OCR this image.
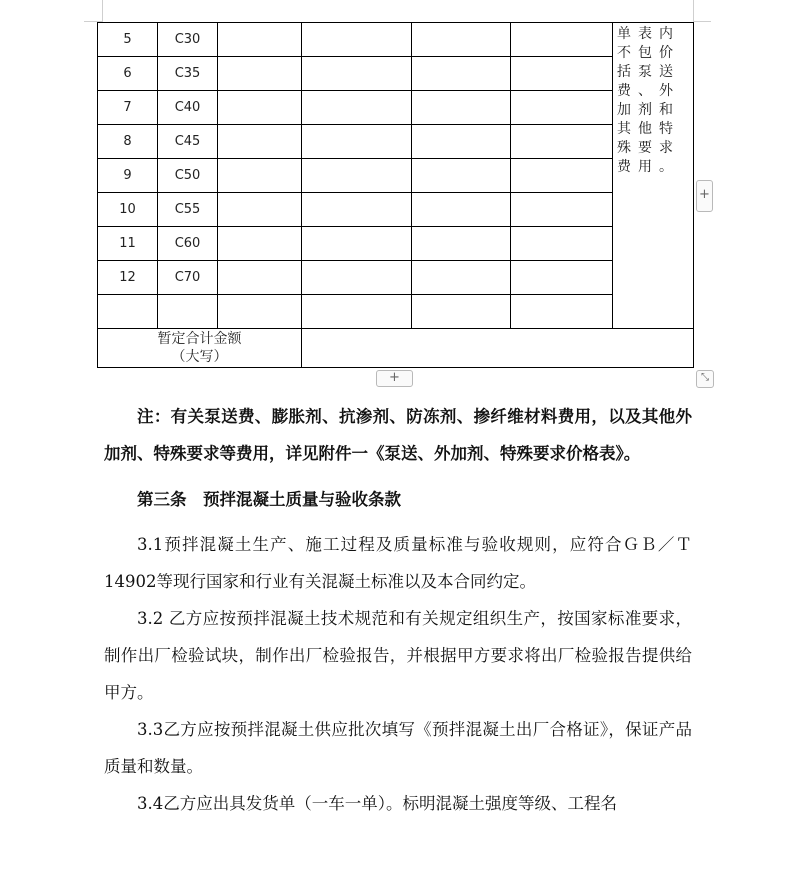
5	C30					单表内不包价括泵送费、外加剂和其他特殊要求费用。

6	C35					
7	C40					
8	C45					
9	C50					
10	C55					
11	C60					
12	C70					

暂定合计金额
（大写）						
+
+	⤡

注：有关泵送费、膨胀剂、抗渗剂、防冻剂、掺纤维材料费用，以及其他外加剂、特殊要求等费用，详见附件一《泵送、外加剂、特殊要求价格表》。

第三条　预拌混凝土质量与验收条款

3.1预拌混凝土生产、施工过程及质量标准与验收规则，应符合ＧＢ／Ｔ14902等现行国家和行业有关混凝土标准以及本合同约定。

3.2 乙方应按预拌混凝土技术规范和有关规定组织生产，按国家标准要求，制作出厂检验试块，制作出厂检验报告，并根据甲方要求将出厂检验报告提供给甲方。

3.3乙方应按预拌混凝土供应批次填写《预拌混凝土出厂合格证》，保证产品质量和数量。

3.4乙方应出具发货单（一车一单）。标明混凝土强度等级、工程名
